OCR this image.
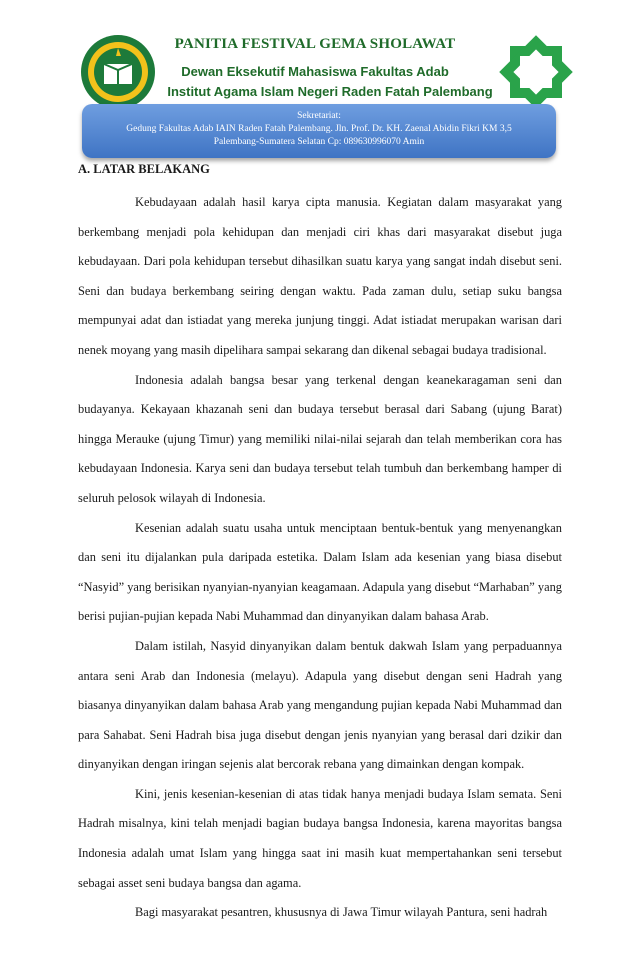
PANITIA FESTIVAL GEMA SHOLAWAT
Dewan Eksekutif Mahasiswa Fakultas Adab
Institut Agama Islam Negeri Raden Fatah Palembang
Sekretariat:
Gedung Fakultas Adab IAIN Raden Fatah Palembang. Jln. Prof. Dr. KH. Zaenal Abidin Fikri KM 3,5
Palembang-Sumatera Selatan Cp: 089630996070 Amin
A. LATAR BELAKANG

Kebudayaan adalah hasil karya cipta manusia. Kegiatan dalam masyarakat yang berkembang menjadi pola kehidupan dan menjadi ciri khas dari masyarakat disebut juga kebudayaan. Dari pola kehidupan tersebut dihasilkan suatu karya yang sangat indah disebut seni. Seni dan budaya berkembang seiring dengan waktu. Pada zaman dulu, setiap suku bangsa mempunyai adat dan istiadat yang mereka junjung tinggi. Adat istiadat merupakan warisan dari nenek moyang yang masih dipelihara sampai sekarang dan dikenal sebagai budaya tradisional.

Indonesia adalah bangsa besar yang terkenal dengan keanekaragaman seni dan budayanya. Kekayaan khazanah seni dan budaya tersebut berasal dari Sabang (ujung Barat) hingga Merauke (ujung Timur) yang memiliki nilai-nilai sejarah dan telah memberikan cora has kebudayaan Indonesia. Karya seni dan budaya tersebut telah tumbuh dan berkembang hamper di seluruh pelosok wilayah di Indonesia.

Kesenian adalah suatu usaha untuk menciptaan bentuk-bentuk yang menyenangkan dan seni itu dijalankan pula daripada estetika. Dalam Islam ada kesenian yang biasa disebut “Nasyid” yang berisikan nyanyian-nyanyian keagamaan. Adapula yang disebut “Marhaban” yang berisi pujian-pujian kepada Nabi Muhammad dan dinyanyikan dalam bahasa Arab.

Dalam istilah, Nasyid dinyanyikan dalam bentuk dakwah Islam yang perpaduannya antara seni Arab dan Indonesia (melayu). Adapula yang disebut dengan seni Hadrah yang biasanya dinyanyikan dalam bahasa Arab yang mengandung pujian kepada Nabi Muhammad dan para Sahabat. Seni Hadrah bisa juga disebut dengan jenis nyanyian yang berasal dari dzikir dan dinyanyikan dengan iringan sejenis alat bercorak rebana yang dimainkan dengan kompak.

Kini, jenis kesenian-kesenian di atas tidak hanya menjadi budaya Islam semata. Seni Hadrah misalnya, kini telah menjadi bagian budaya bangsa Indonesia, karena mayoritas bangsa Indonesia adalah umat Islam yang hingga saat ini masih kuat mempertahankan seni tersebut sebagai asset seni budaya bangsa dan agama.

Bagi masyarakat pesantren, khususnya di Jawa Timur wilayah Pantura, seni hadrah
